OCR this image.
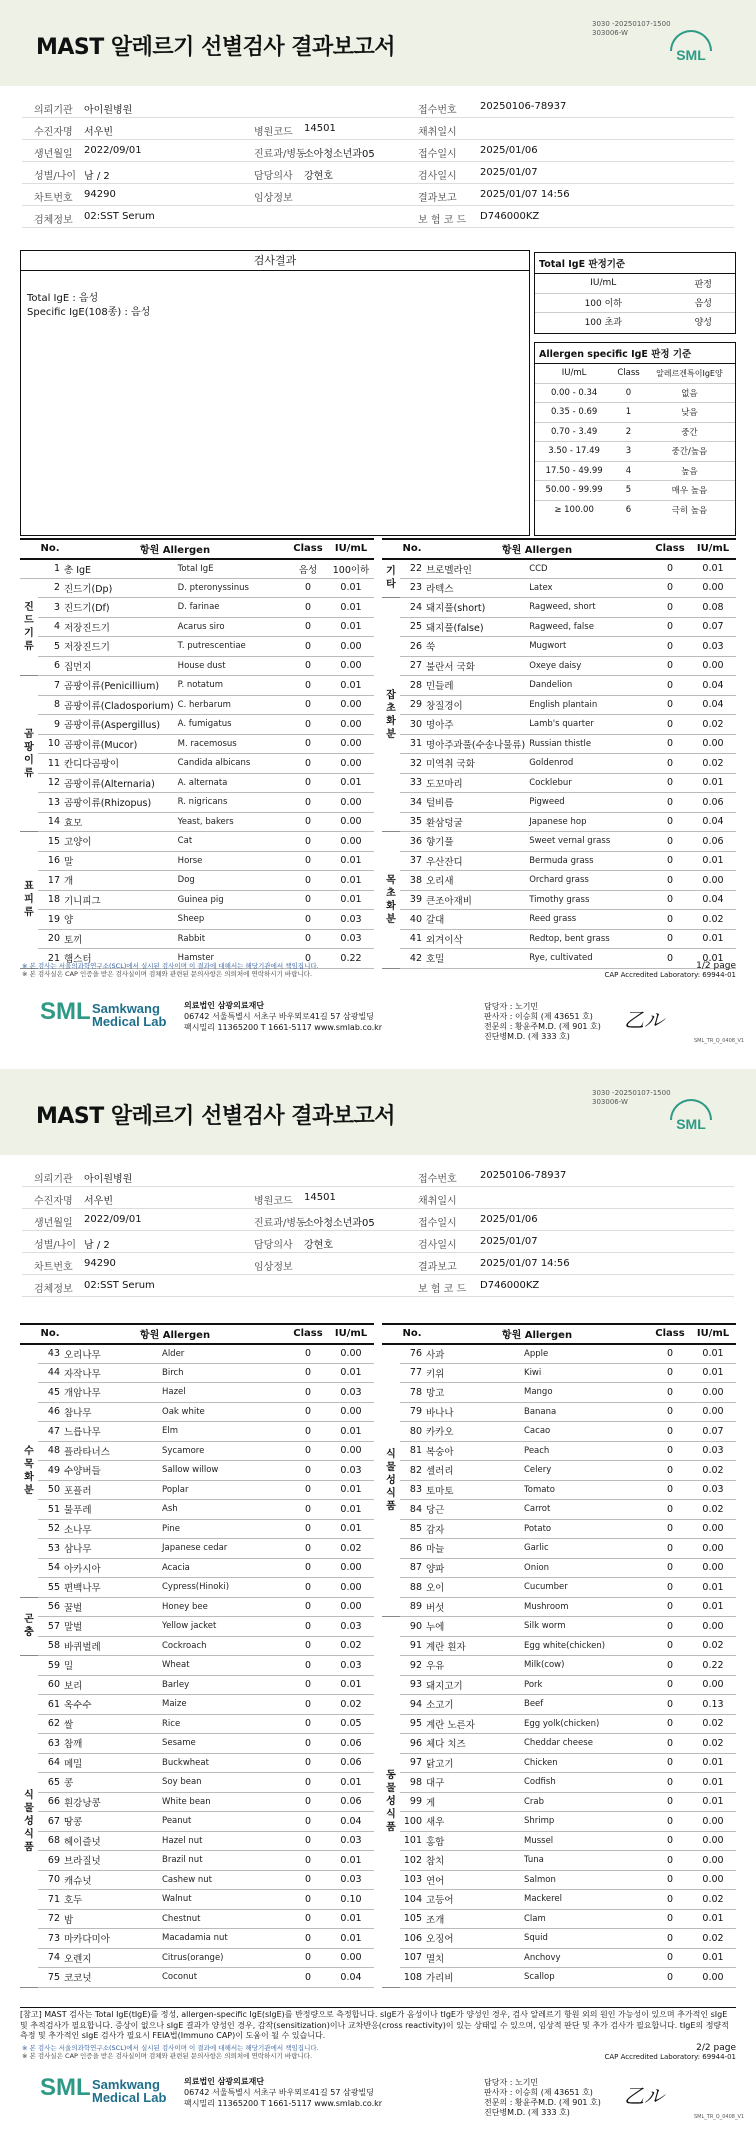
MAST 알레르기 선별검사 결과보고서
3030 -20250107-1500
303006-W
SML
의뢰기관 아이원병원	접수번호 20250106-78937
수진자명 서우빈	병원코드 14501	채취일시
생년월일 2022/09/01	진료과/병동
소아청소년과05	접수일시 2025/01/06
성별/나이 남 / 2	담당의사 강현호	검사일시 2025/01/07
차트번호 94290	임상정보	결과보고 2025/01/07 14:56
검체정보 02:SST Serum	보 험 코 드 D746000KZ
검사결과
Total IgE : 음성
Specific IgE(108종) : 음성
Total IgE 판정기준
IU/mL	판정
100 이하	음성
100 초과	양성
Allergen specific IgE 판정 기준
IU/mL	Class	알레르겐특이IgE양
0.00 - 0.34	0	없음
0.35 - 0.69	1	낮음
0.70 - 3.49	2	중간
3.50 - 17.49	3	중간/높음
17.50 - 49.99	4	높음
50.00 - 99.99	5	매우 높음
≥ 100.00	6	극히 높음
	No.	항원 Allergen		Class	IU/mL
	1	총 IgE	Total IgE	음성	100이하
진드기류	2	진드기(Dp)	D. pteronyssinus	0	0.01
	3	진드기(Df)	D. farinae	0	0.01
	4	저장진드기	Acarus siro	0	0.01
	5	저장진드기	T. putrescentiae	0	0.00
	6	집먼지	House dust	0	0.00
곰팡이류	7	곰팡이류(Penicillium)	P. notatum	0	0.01
	8	곰팡이류(Cladosporium)	C. herbarum	0	0.00
	9	곰팡이류(Aspergillus)	A. fumigatus	0	0.00
	10	곰팡이류(Mucor)	M. racemosus	0	0.00
	11	칸디다곰팡이	Candida albicans	0	0.00
	12	곰팡이류(Alternaria)	A. alternata	0	0.01
	13	곰팡이류(Rhizopus)	R. nigricans	0	0.00
	14	효모	Yeast, bakers	0	0.00
표피류	15	고양이	Cat	0	0.00
	16	말	Horse	0	0.01
	17	개	Dog	0	0.01
	18	기니피그	Guinea pig	0	0.01
	19	양	Sheep	0	0.03
	20	토끼	Rabbit	0	0.03
	21	햄스터	Hamster	0	0.22
	No.	항원 Allergen		Class	IU/mL
기타	22	브로멜라인	CCD	0	0.01
	23	라텍스	Latex	0	0.00
잡초화분	24	돼지풀(short)	Ragweed, short	0	0.08
	25	돼지풀(false)	Ragweed, false	0	0.07
	26	쑥	Mugwort	0	0.03
	27	불란서 국화	Oxeye daisy	0	0.00
	28	민들레	Dandelion	0	0.04
	29	창질경이	English plantain	0	0.04
	30	명아주	Lamb's quarter	0	0.02
	31	명아주과풀(수송나물류)	Russian thistle	0	0.00
	32	미역취 국화	Goldenrod	0	0.02
	33	도꼬마리	Cocklebur	0	0.01
	34	털비름	Pigweed	0	0.06
	35	환삼덩굴	Japanese hop	0	0.04
목초화분	36	향기풀	Sweet vernal grass	0	0.06
	37	우산잔디	Bermuda grass	0	0.01
	38	오리새	Orchard grass	0	0.00
	39	큰조아재비	Timothy grass	0	0.04
	40	갈대	Reed grass	0	0.02
	41	외겨이삭	Redtop, bent grass	0	0.01
	42	호밀	Rye, cultivated	0	0.01
1/2 page
CAP Accredited Laboratory: 69944-01
※ 본 검사는 서울의과학연구소(SCL)에서 실시된 검사이며 이 결과에 대해서는 해당기관에서 책임집니다.
※ 본 검사실은 CAP 인증을 받은 검사실이며 검체와 관련된 문의사항은 의뢰처에 연락하시기 바랍니다.
SML Samkwang
Medical Lab
의료법인 삼광의료재단
06742 서울특별시 서초구 바우뫼로41길 57 삼광빌딩
팩시밀리 11365200 T 1661-5117 www.smlab.co.kr
담당자 : 노기민
판사자 : 이승희 (제 43651 호)
전문의 : 황윤주M.D. (제 901 호)
진단병M.D. (제 333 호)
乙ル
SML_TR_Q_0408_V1
MAST 알레르기 선별검사 결과보고서
3030 -20250107-1500
303006-W
SML
의뢰기관 아이원병원	접수번호 20250106-78937
수진자명 서우빈	병원코드 14501	채취일시
생년월일 2022/09/01	진료과/병동
소아청소년과05	접수일시 2025/01/06
성별/나이 남 / 2	담당의사 강현호	검사일시 2025/01/07
차트번호 94290	임상정보	결과보고 2025/01/07 14:56
검체정보 02:SST Serum	보 험 코 드 D746000KZ
	No.	항원 Allergen		Class	IU/mL
수목화분	43	오리나무	Alder	0	0.00
	44	자작나무	Birch	0	0.01
	45	개암나무	Hazel	0	0.03
	46	참나무	Oak white	0	0.00
	47	느릅나무	Elm	0	0.01
	48	플라타너스	Sycamore	0	0.00
	49	수양버들	Sallow willow	0	0.03
	50	포플러	Poplar	0	0.01
	51	물푸레	Ash	0	0.01
	52	소나무	Pine	0	0.01
	53	삼나무	Japanese cedar	0	0.02
	54	아카시아	Acacia	0	0.00
	55	편백나무	Cypress(Hinoki)	0	0.00
곤충	56	꿀벌	Honey bee	0	0.00
	57	말벌	Yellow jacket	0	0.03
	58	바퀴벌레	Cockroach	0	0.02
식물성식품	59	밀	Wheat	0	0.03
	60	보리	Barley	0	0.01
	61	옥수수	Maize	0	0.02
	62	쌀	Rice	0	0.05
	63	참깨	Sesame	0	0.06
	64	메밀	Buckwheat	0	0.06
	65	콩	Soy bean	0	0.01
	66	흰강낭콩	White bean	0	0.06
	67	땅콩	Peanut	0	0.04
	68	헤이즐넛	Hazel nut	0	0.03
	69	브라질넛	Brazil nut	0	0.01
	70	캐슈넛	Cashew nut	0	0.03
	71	호두	Walnut	0	0.10
	72	밤	Chestnut	0	0.01
	73	마카다미아	Macadamia nut	0	0.01
	74	오렌지	Citrus(orange)	0	0.00
	75	코코넛	Coconut	0	0.04
	No.	항원 Allergen		Class	IU/mL
식물성식품	76	사과	Apple	0	0.01
	77	키위	Kiwi	0	0.01
	78	망고	Mango	0	0.00
	79	바나나	Banana	0	0.00
	80	카카오	Cacao	0	0.07
	81	복숭아	Peach	0	0.03
	82	셀러리	Celery	0	0.02
	83	토마토	Tomato	0	0.03
	84	당근	Carrot	0	0.02
	85	감자	Potato	0	0.00
	86	마늘	Garlic	0	0.00
	87	양파	Onion	0	0.00
	88	오이	Cucumber	0	0.01
	89	버섯	Mushroom	0	0.01
동물성식품	90	누에	Silk worm	0	0.00
	91	계란 흰자	Egg white(chicken)	0	0.02
	92	우유	Milk(cow)	0	0.22
	93	돼지고기	Pork	0	0.00
	94	소고기	Beef	0	0.13
	95	계란 노른자	Egg yolk(chicken)	0	0.02
	96	체다 치즈	Cheddar cheese	0	0.02
	97	닭고기	Chicken	0	0.01
	98	대구	Codfish	0	0.01
	99	게	Crab	0	0.01
	100	새우	Shrimp	0	0.00
	101	홍합	Mussel	0	0.00
	102	참치	Tuna	0	0.00
	103	연어	Salmon	0	0.00
	104	고등어	Mackerel	0	0.02
	105	조개	Clam	0	0.01
	106	오징어	Squid	0	0.02
	107	멸치	Anchovy	0	0.01
	108	가리비	Scallop	0	0.00
[참고] MAST 검사는 Total IgE(tIgE)를 정성, allergen-specific IgE(sIgE)를 반정량으로 측정합니다. sIgE가 음성이나 tIgE가 양성인 경우, 검사 알레르기 항원 외의 원인 가능성이 있으며 추가적인 sIgE 및 추적검사가 필요합니다. 증상이 없으나 sIgE 결과가 양성인 경우, 감작(sensitization)이나 교차반응(cross reactivity)이 있는 상태일 수 있으며, 임상적 판단 및 추가 검사가 필요합니다. tIgE의 정량적 측정 및 추가적인 sIgE 검사가 필요시 FEIA법(Immuno CAP)이 도움이 될 수 있습니다.
2/2 page
CAP Accredited Laboratory: 69944-01
※ 본 검사는 서울의과학연구소(SCL)에서 실시된 검사이며 이 결과에 대해서는 해당기관에서 책임집니다.
※ 본 검사실은 CAP 인증을 받은 검사실이며 검체와 관련된 문의사항은 의뢰처에 연락하시기 바랍니다.
SML Samkwang
Medical Lab
의료법인 삼광의료재단
06742 서울특별시 서초구 바우뫼로41길 57 삼광빌딩
팩시밀리 11365200 T 1661-5117 www.smlab.co.kr
담당자 : 노기민
판사자 : 이승희 (제 43651 호)
전문의 : 황윤주M.D. (제 901 호)
진단병M.D. (제 333 호)
乙ル
SML_TR_Q_0408_V1
